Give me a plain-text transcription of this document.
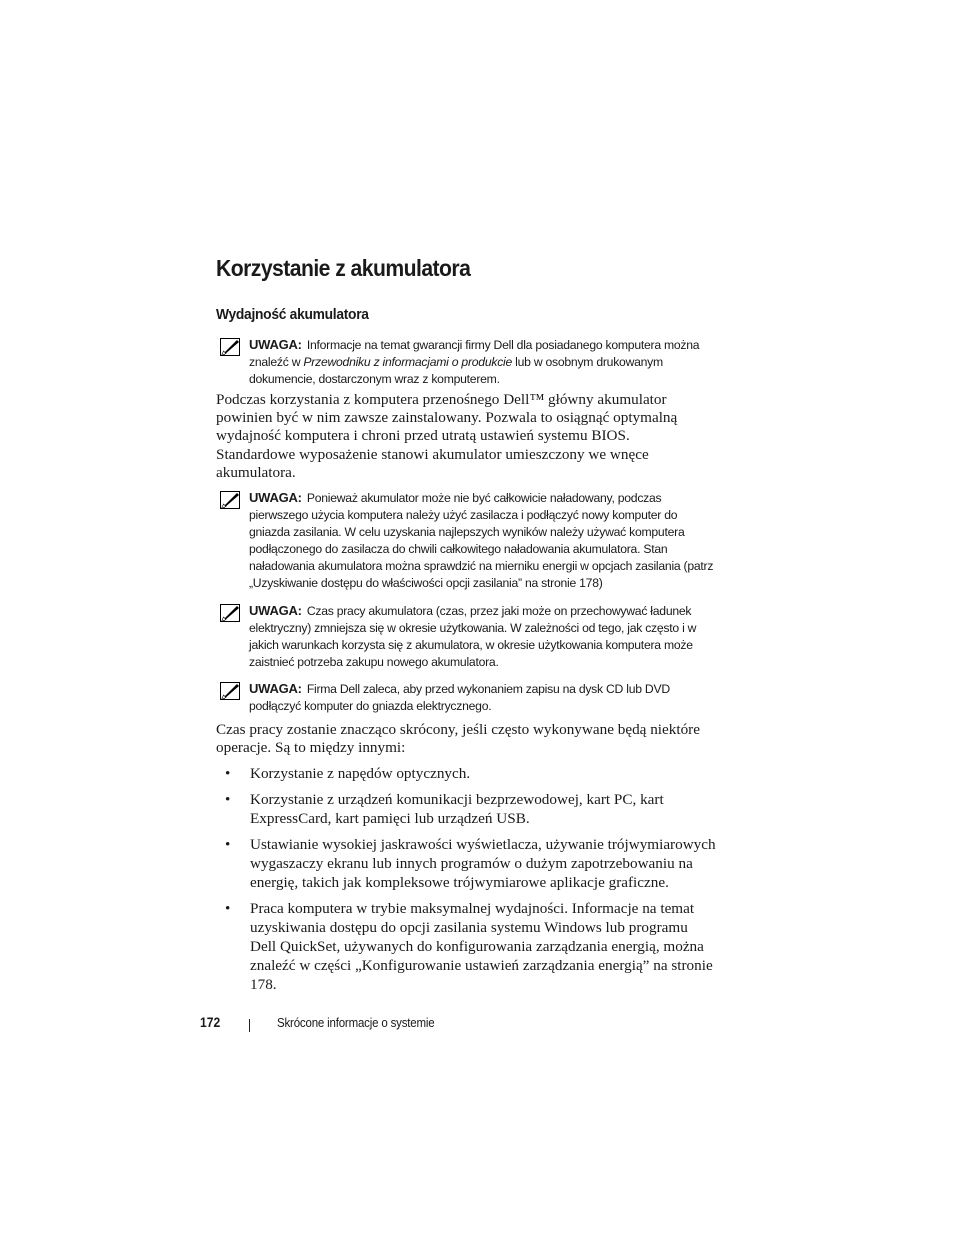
Korzystanie z akumulatora
Wydajność akumulatora
UWAGA: Informacje na temat gwarancji firmy Dell dla posiadanego komputera można znaleźć w Przewodniku z informacjami o produkcie lub w osobnym drukowanym dokumencie, dostarczonym wraz z komputerem.

Podczas korzystania z komputera przenośnego Dell™ główny akumulator powinien być w nim zawsze zainstalowany. Pozwala to osiągnąć optymalną wydajność komputera i chroni przed utratą ustawień systemu BIOS. Standardowe wyposażenie stanowi akumulator umieszczony we wnęce akumulatora.

UWAGA: Ponieważ akumulator może nie być całkowicie naładowany, podczas pierwszego użycia komputera należy użyć zasilacza i podłączyć nowy komputer do gniazda zasilania. W celu uzyskania najlepszych wyników należy używać komputera podłączonego do zasilacza do chwili całkowitego naładowania akumulatora. Stan naładowania akumulatora można sprawdzić na mierniku energii w opcjach zasilania (patrz „Uzyskiwanie dostępu do właściwości opcji zasilania” na stronie 178)
UWAGA: Czas pracy akumulatora (czas, przez jaki może on przechowywać ładunek elektryczny) zmniejsza się w okresie użytkowania. W zależności od tego, jak często i w jakich warunkach korzysta się z akumulatora, w okresie użytkowania komputera może zaistnieć potrzeba zakupu nowego akumulatora.
UWAGA: Firma Dell zaleca, aby przed wykonaniem zapisu na dysk CD lub DVD podłączyć komputer do gniazda elektrycznego.

Czas pracy zostanie znacząco skrócony, jeśli często wykonywane będą niektóre operacje. Są to między innymi:

• Korzystanie z napędów optycznych.
• Korzystanie z urządzeń komunikacji bezprzewodowej, kart PC, kart ExpressCard, kart pamięci lub urządzeń USB.
• Ustawianie wysokiej jaskrawości wyświetlacza, używanie trójwymiarowych wygaszaczy ekranu lub innych programów o dużym zapotrzebowaniu na energię, takich jak kompleksowe trójwymiarowe aplikacje graficzne.
• Praca komputera w trybie maksymalnej wydajności. Informacje na temat uzyskiwania dostępu do opcji zasilania systemu Windows lub programu Dell QuickSet, używanych do konfigurowania zarządzania energią, można znaleźć w części „Konfigurowanie ustawień zarządzania energią” na stronie 178.
172	Skrócone informacje o systemie
